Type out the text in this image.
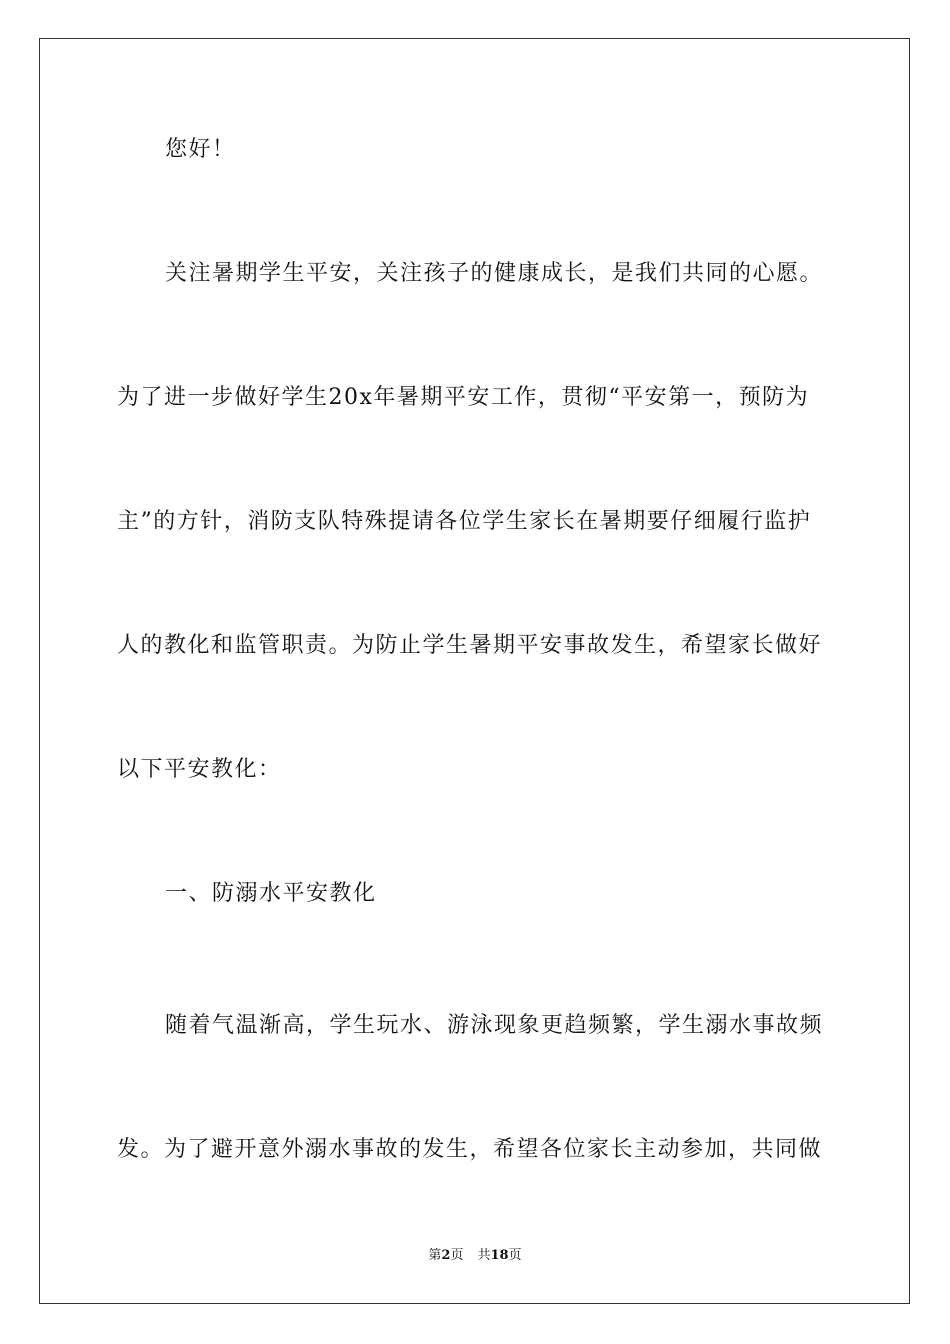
您好！
关注暑期学生平安，关注孩子的健康成长，是我们共同的心愿。
为了进一步做好学生20x年暑期平安工作，贯彻“平安第一，预防为
主”的方针，消防支队特殊提请各位学生家长在暑期要仔细履行监护
人的教化和监管职责。为防止学生暑期平安事故发生，希望家长做好
以下平安教化：
一、防溺水平安教化
随着气温渐高，学生玩水、游泳现象更趋频繁，学生溺水事故频
发。为了避开意外溺水事故的发生，希望各位家长主动参加，共同做
第2页 共18页
